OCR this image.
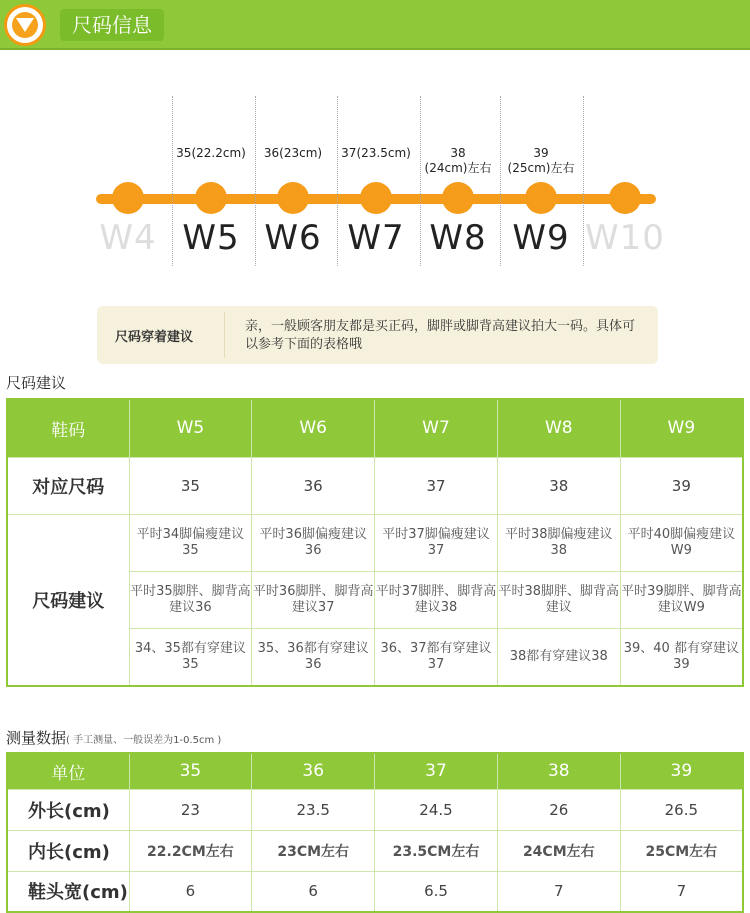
尺码信息
W4 W5
35(22.2cm)
W6
36(23cm)
W7
37(23.5cm)
W8
38
(24cm)左右
W9
39
(25cm)左右
W10
尺码穿着建议
亲，一般顾客朋友都是买正码，脚胖或脚背高建议拍大一码。具体可以参考下面的表格哦
尺码建议
鞋码	W5	W6	W7	W8	W9
对应尺码	35	36	37	38	39
尺码建议	平时34脚偏瘦建议35	平时36脚偏瘦建议36	平时37脚偏瘦建议37	平时38脚偏瘦建议38	平时40脚偏瘦建议W9
	平时35脚胖、脚背高建议36	平时36脚胖、脚背高建议37	平时37脚胖、脚背高建议38	平时38脚胖、脚背高建议	平时39脚胖、脚背高建议W9
	34、35都有穿建议35	35、36都有穿建议36	36、37都有穿建议37	38都有穿建议38	39、40 都有穿建议39
测量数据( 手工测量、一般误差为1-0.5cm )
单位	35	36	37	38	39
外长(cm)	23	23.5	24.5	26	26.5
内长(cm)	22.2CM左右	23CM左右	23.5CM左右	24CM左右	25CM左右
鞋头宽(cm)	6	6	6.5	7	7
